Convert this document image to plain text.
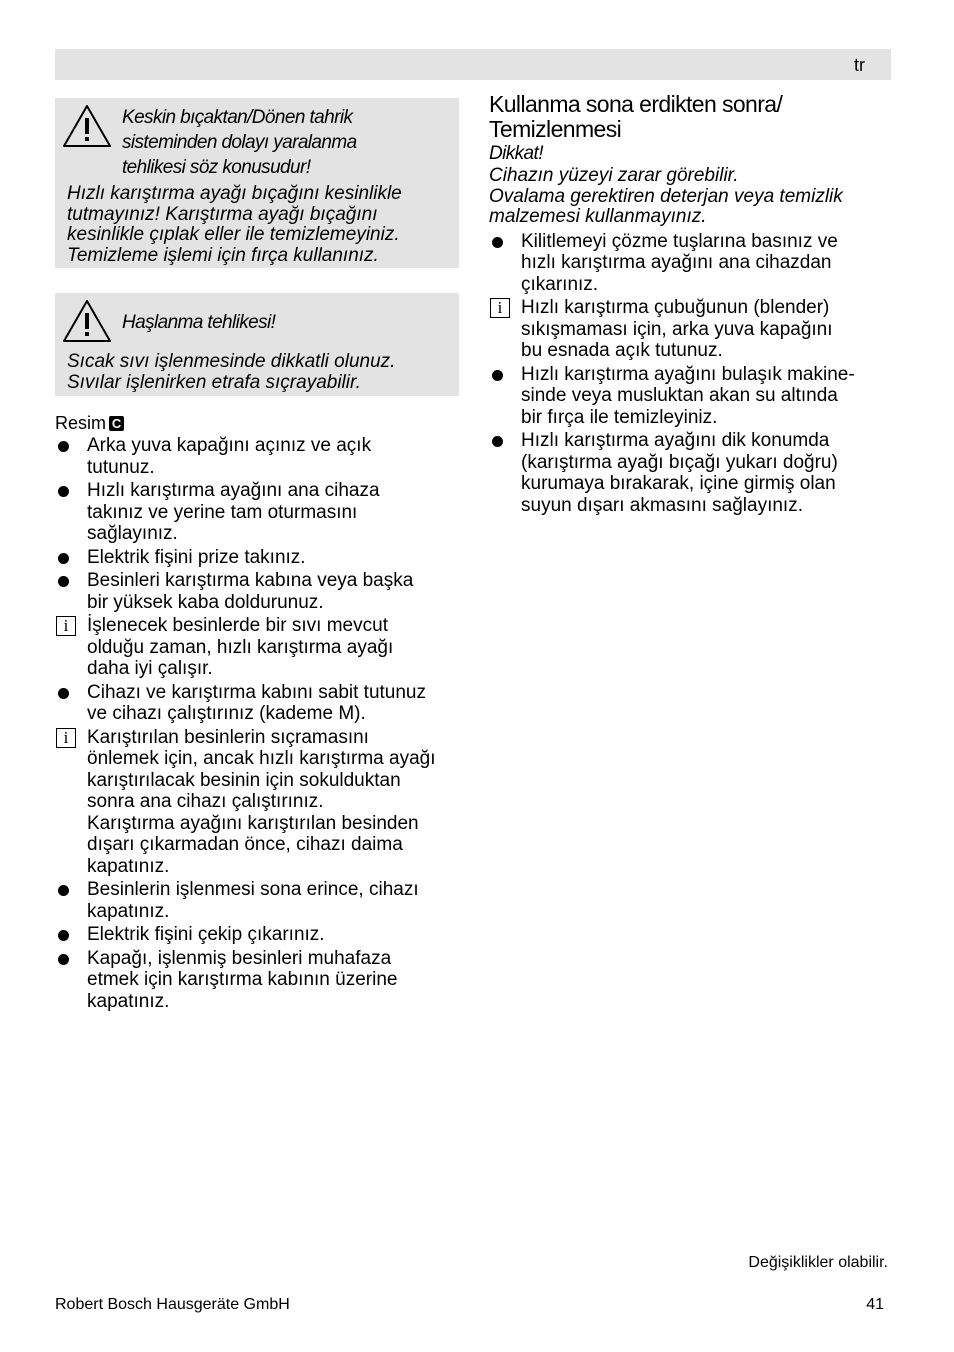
tr
Keskin bıçaktan/Dönen tahrik
sisteminden dolayı yaralanma
tehlikesi söz konusudur!
Hızlı karıştırma ayağı bıçağını kesinlikle
tutmayınız! Karıştırma ayağı bıçağını
kesinlikle çıplak eller ile temizlemeyiniz.
Temizleme işlemi için fırça kullanınız.
Haşlanma tehlikesi!
Sıcak sıvı işlenmesinde dikkatli olunuz.
Sıvılar işlenirken etrafa sıçrayabilir.
Resim C
Arka yuva kapağını açınız ve açık
tutunuz.
Hızlı karıştırma ayağını ana cihaza
takınız ve yerine tam oturmasını
sağlayınız.
Elektrik fişini prize takınız.
Besinleri karıştırma kabına veya başka
bir yüksek kaba doldurunuz.
i İşlenecek besinlerde bir sıvı mevcut
olduğu zaman, hızlı karıştırma ayağı
daha iyi çalışır.
Cihazı ve karıştırma kabını sabit tutunuz
ve cihazı çalıştırınız (kademe M).
i Karıştırılan besinlerin sıçramasını
önlemek için, ancak hızlı karıştırma ayağı
karıştırılacak besinin için sokulduktan
sonra ana cihazı çalıştırınız.
Karıştırma ayağını karıştırılan besinden
dışarı çıkarmadan önce, cihazı daima
kapatınız.
Besinlerin işlenmesi sona erince, cihazı
kapatınız.
Elektrik fişini çekip çıkarınız.
Kapağı, işlenmiş besinleri muhafaza
etmek için karıştırma kabının üzerine
kapatınız.
Kullanma sona erdikten sonra/
Temizlenmesi
Dikkat!
Cihazın yüzeyi zarar görebilir.
Ovalama gerektiren deterjan veya temizlik
malzemesi kullanmayınız.
Kilitlemeyi çözme tuşlarına basınız ve
hızlı karıştırma ayağını ana cihazdan
çıkarınız.
i Hızlı karıştırma çubuğunun (blender)
sıkışmaması için, arka yuva kapağını
bu esnada açık tutunuz.
Hızlı karıştırma ayağını bulaşık makine-
sinde veya musluktan akan su altında
bir fırça ile temizleyiniz.
Hızlı karıştırma ayağını dik konumda
(karıştırma ayağı bıçağı yukarı doğru)
kurumaya bırakarak, içine girmiş olan
suyun dışarı akmasını sağlayınız.
Değişiklikler olabilir.
Robert Bosch Hausgeräte GmbH	41
